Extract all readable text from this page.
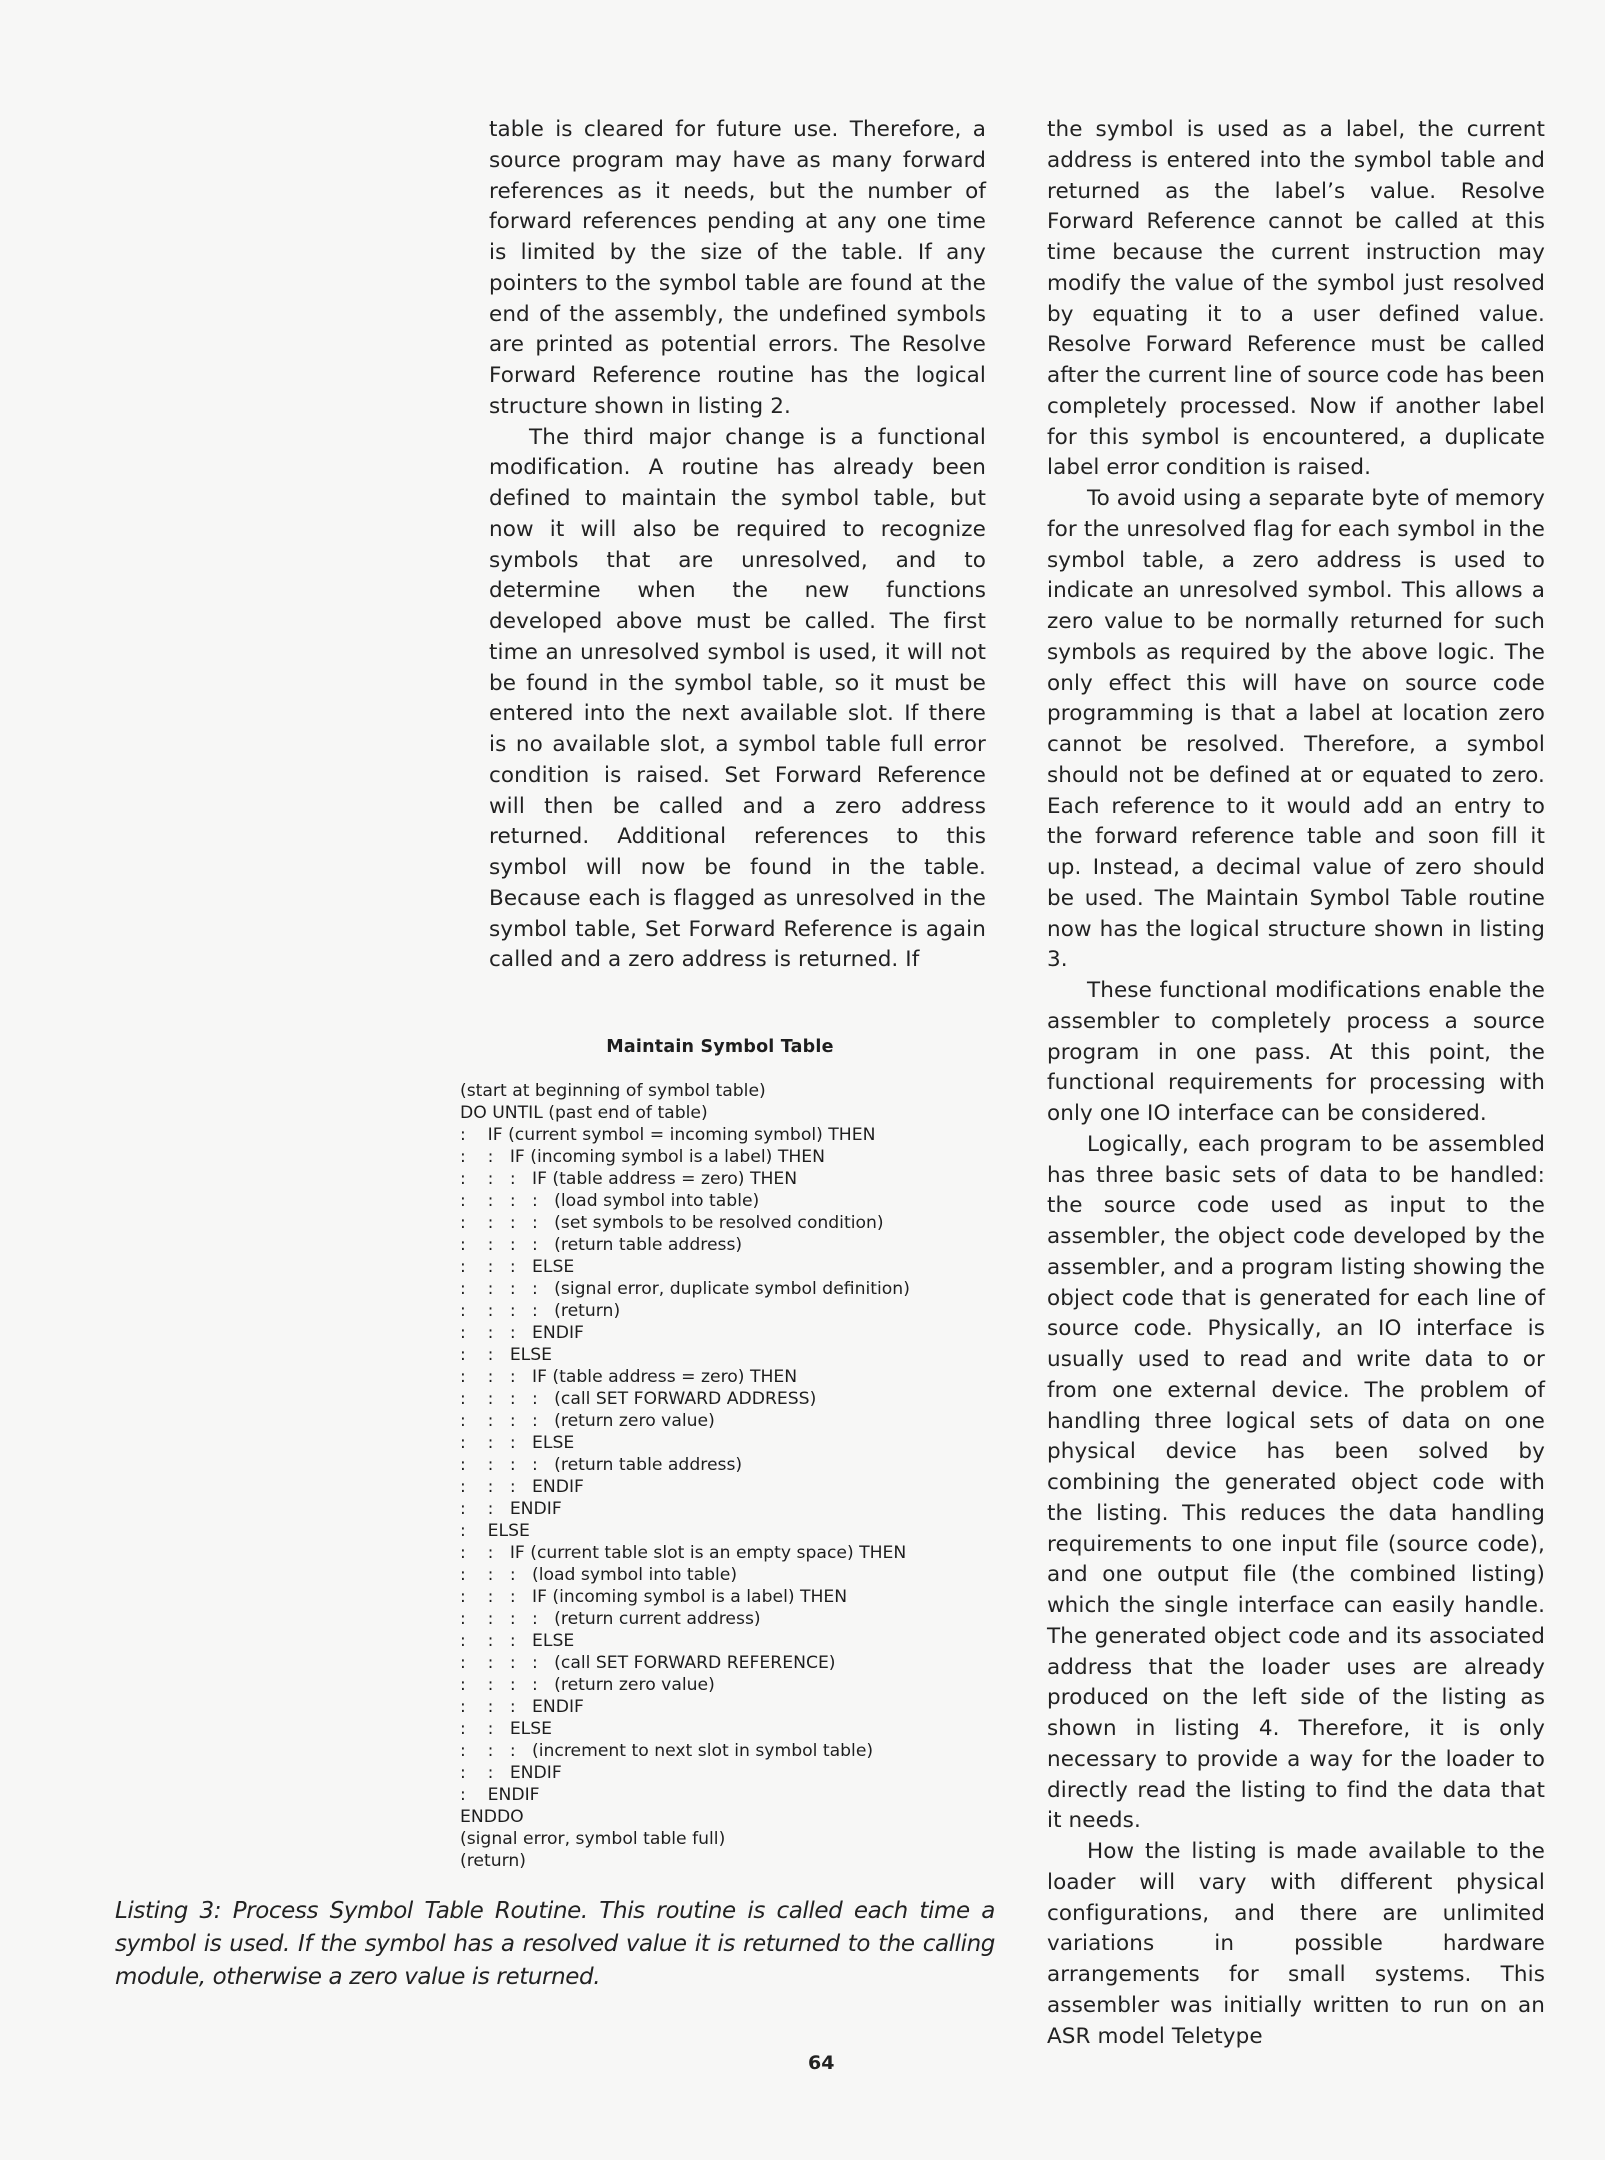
table is cleared for future use. Therefore, a source program may have as many forward references as it needs, but the number of forward references pending at any one time is limited by the size of the table. If any pointers to the symbol table are found at the end of the assembly, the undefined symbols are printed as potential errors. The Resolve Forward Reference routine has the logical structure shown in listing 2.

The third major change is a functional modification. A routine has already been defined to maintain the symbol table, but now it will also be required to recognize symbols that are unresolved, and to determine when the new functions developed above must be called. The first time an unresolved symbol is used, it will not be found in the symbol table, so it must be entered into the next available slot. If there is no available slot, a symbol table full error condition is raised. Set Forward Reference will then be called and a zero address returned. Additional references to this symbol will now be found in the table. Because each is flagged as unresolved in the symbol table, Set Forward Reference is again called and a zero address is returned. If

Maintain Symbol Table
(start at beginning of symbol table)
DO UNTIL (past end of table)
:    IF (current symbol = incoming symbol) THEN
:    :   IF (incoming symbol is a label) THEN
:    :   :   IF (table address = zero) THEN
:    :   :   :   (load symbol into table)
:    :   :   :   (set symbols to be resolved condition)
:    :   :   :   (return table address)
:    :   :   ELSE
:    :   :   :   (signal error, duplicate symbol definition)
:    :   :   :   (return)
:    :   :   ENDIF
:    :   ELSE
:    :   :   IF (table address = zero) THEN
:    :   :   :   (call SET FORWARD ADDRESS)
:    :   :   :   (return zero value)
:    :   :   ELSE
:    :   :   :   (return table address)
:    :   :   ENDIF
:    :   ENDIF
:    ELSE
:    :   IF (current table slot is an empty space) THEN
:    :   :   (load symbol into table)
:    :   :   IF (incoming symbol is a label) THEN
:    :   :   :   (return current address)
:    :   :   ELSE
:    :   :   :   (call SET FORWARD REFERENCE)
:    :   :   :   (return zero value)
:    :   :   ENDIF
:    :   ELSE
:    :   :   (increment to next slot in symbol table)
:    :   ENDIF
:    ENDIF
ENDDO
(signal error, symbol table full)
(return)
Listing 3: Process Symbol Table Routine. This routine is called each time a symbol is used. If the symbol has a resolved value it is returned to the calling module, otherwise a zero value is returned.

the symbol is used as a label, the current address is entered into the symbol table and returned as the label’s value. Resolve Forward Reference cannot be called at this time because the current instruction may modify the value of the symbol just resolved by equating it to a user defined value. Resolve Forward Reference must be called after the current line of source code has been completely processed. Now if another label for this symbol is encountered, a duplicate label error condition is raised.

To avoid using a separate byte of memory for the unresolved flag for each symbol in the symbol table, a zero address is used to indicate an unresolved symbol. This allows a zero value to be normally returned for such symbols as required by the above logic. The only effect this will have on source code programming is that a label at location zero cannot be resolved. Therefore, a symbol should not be defined at or equated to zero. Each reference to it would add an entry to the forward reference table and soon fill it up. Instead, a decimal value of zero should be used. The Maintain Symbol Table routine now has the logical structure shown in listing 3.

These functional modifications enable the assembler to completely process a source program in one pass. At this point, the functional requirements for processing with only one IO interface can be considered.

Logically, each program to be assembled has three basic sets of data to be handled: the source code used as input to the assembler, the object code developed by the assembler, and a program listing showing the object code that is generated for each line of source code. Physically, an IO interface is usually used to read and write data to or from one external device. The problem of handling three logical sets of data on one physical device has been solved by combining the generated object code with the listing. This reduces the data handling requirements to one input file (source code), and one output file (the combined listing) which the single interface can easily handle. The generated object code and its associated address that the loader uses are already produced on the left side of the listing as shown in listing 4. Therefore, it is only necessary to provide a way for the loader to directly read the listing to find the data that it needs.

How the listing is made available to the loader will vary with different physical configurations, and there are unlimited variations in possible hardware arrangements for small systems. This assembler was initially written to run on an ASR model Teletype

64
